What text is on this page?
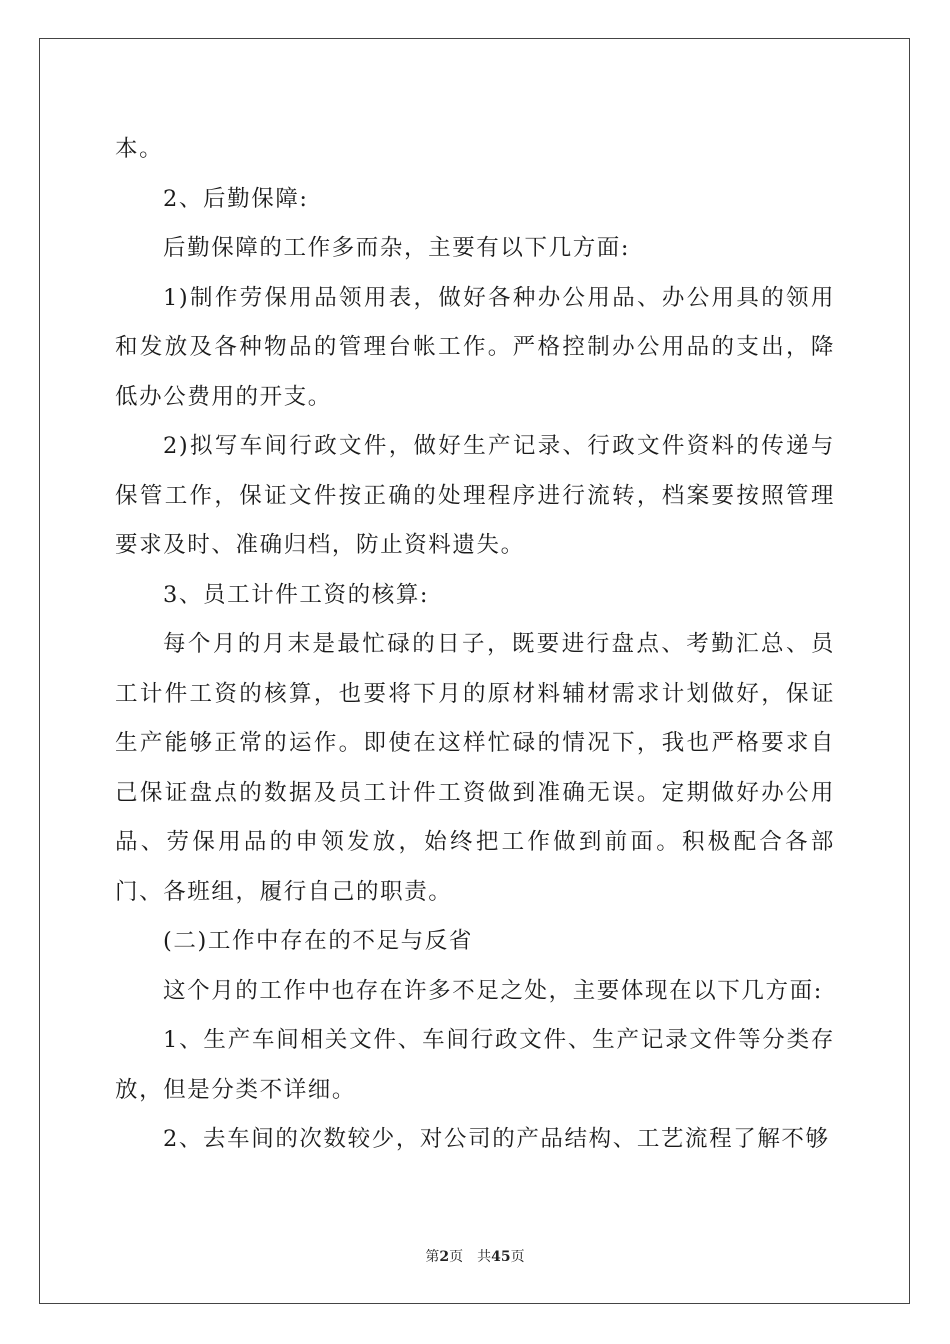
本。

2、后勤保障:

后勤保障的工作多而杂，主要有以下几方面:

1)制作劳保用品领用表，做好各种办公用品、办公用具的领用和发放及各种物品的管理台帐工作。严格控制办公用品的支出，降低办公费用的开支。

2)拟写车间行政文件，做好生产记录、行政文件资料的传递与保管工作，保证文件按正确的处理程序进行流转，档案要按照管理要求及时、准确归档，防止资料遗失。

3、员工计件工资的核算:

每个月的月末是最忙碌的日子，既要进行盘点、考勤汇总、员工计件工资的核算，也要将下月的原材料辅材需求计划做好，保证生产能够正常的运作。即使在这样忙碌的情况下，我也严格要求自己保证盘点的数据及员工计件工资做到准确无误。定期做好办公用品、劳保用品的申领发放，始终把工作做到前面。积极配合各部门、各班组，履行自己的职责。

(二)工作中存在的不足与反省

这个月的工作中也存在许多不足之处，主要体现在以下几方面:

1、生产车间相关文件、车间行政文件、生产记录文件等分类存放，但是分类不详细。

2、去车间的次数较少，对公司的产品结构、工艺流程了解不够

第2页 共45页
